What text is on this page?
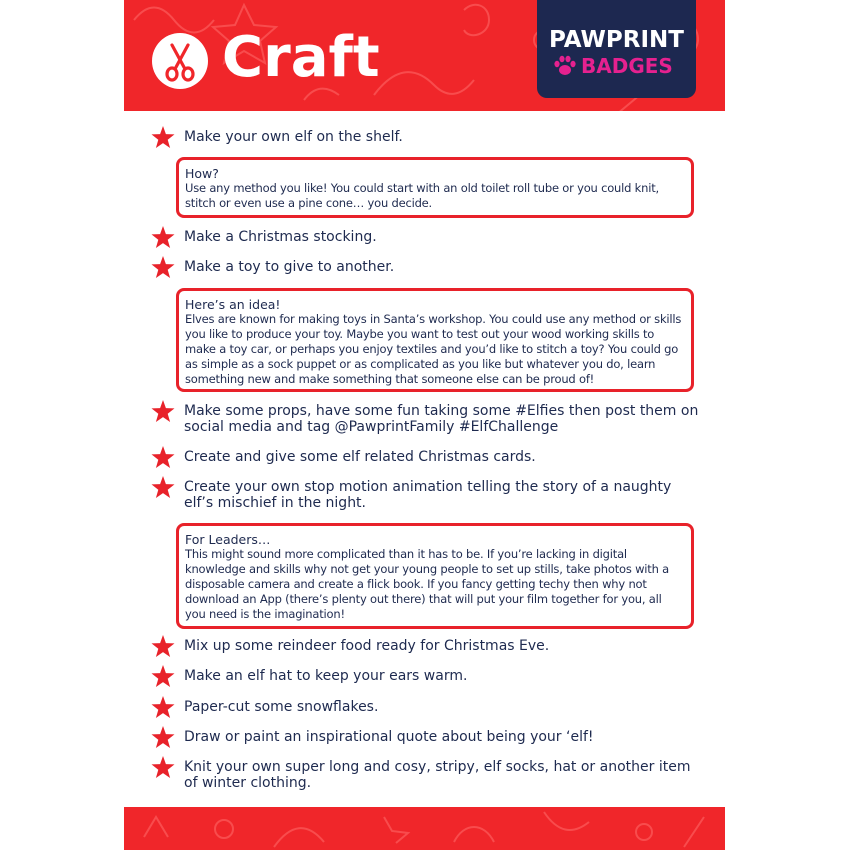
Craft	PAWPRINT
BADGES
Make your own elf on the shelf.
How?
Use any method you like! You could start with an old toilet roll tube or you could knit, stitch or even use a pine cone… you decide.
Make a Christmas stocking.
Make a toy to give to another.
Here’s an idea!
Elves are known for making toys in Santa’s workshop. You could use any method or skills you like to produce your toy. Maybe you want to test out your wood working skills to make a toy car, or perhaps you enjoy textiles and you’d like to stitch a toy? You could go as simple as a sock puppet or as complicated as you like but whatever you do, learn something new and make something that someone else can be proud of!
Make some props, have some fun taking some #Elfies then post them on social media and tag @PawprintFamily #ElfChallenge
Create and give some elf related Christmas cards.
Create your own stop motion animation telling the story of a naughty elf’s mischief in the night.
For Leaders…
This might sound more complicated than it has to be. If you’re lacking in digital knowledge and skills why not get your young people to set up stills, take photos with a disposable camera and create a flick book. If you fancy getting techy then why not download an App (there’s plenty out there) that will put your film together for you, all you need is the imagination!
Mix up some reindeer food ready for Christmas Eve.
Make an elf hat to keep your ears warm.
Paper-cut some snowflakes.
Draw or paint an inspirational quote about being your ‘elf!
Knit your own super long and cosy, stripy, elf socks, hat or another item of winter clothing.
